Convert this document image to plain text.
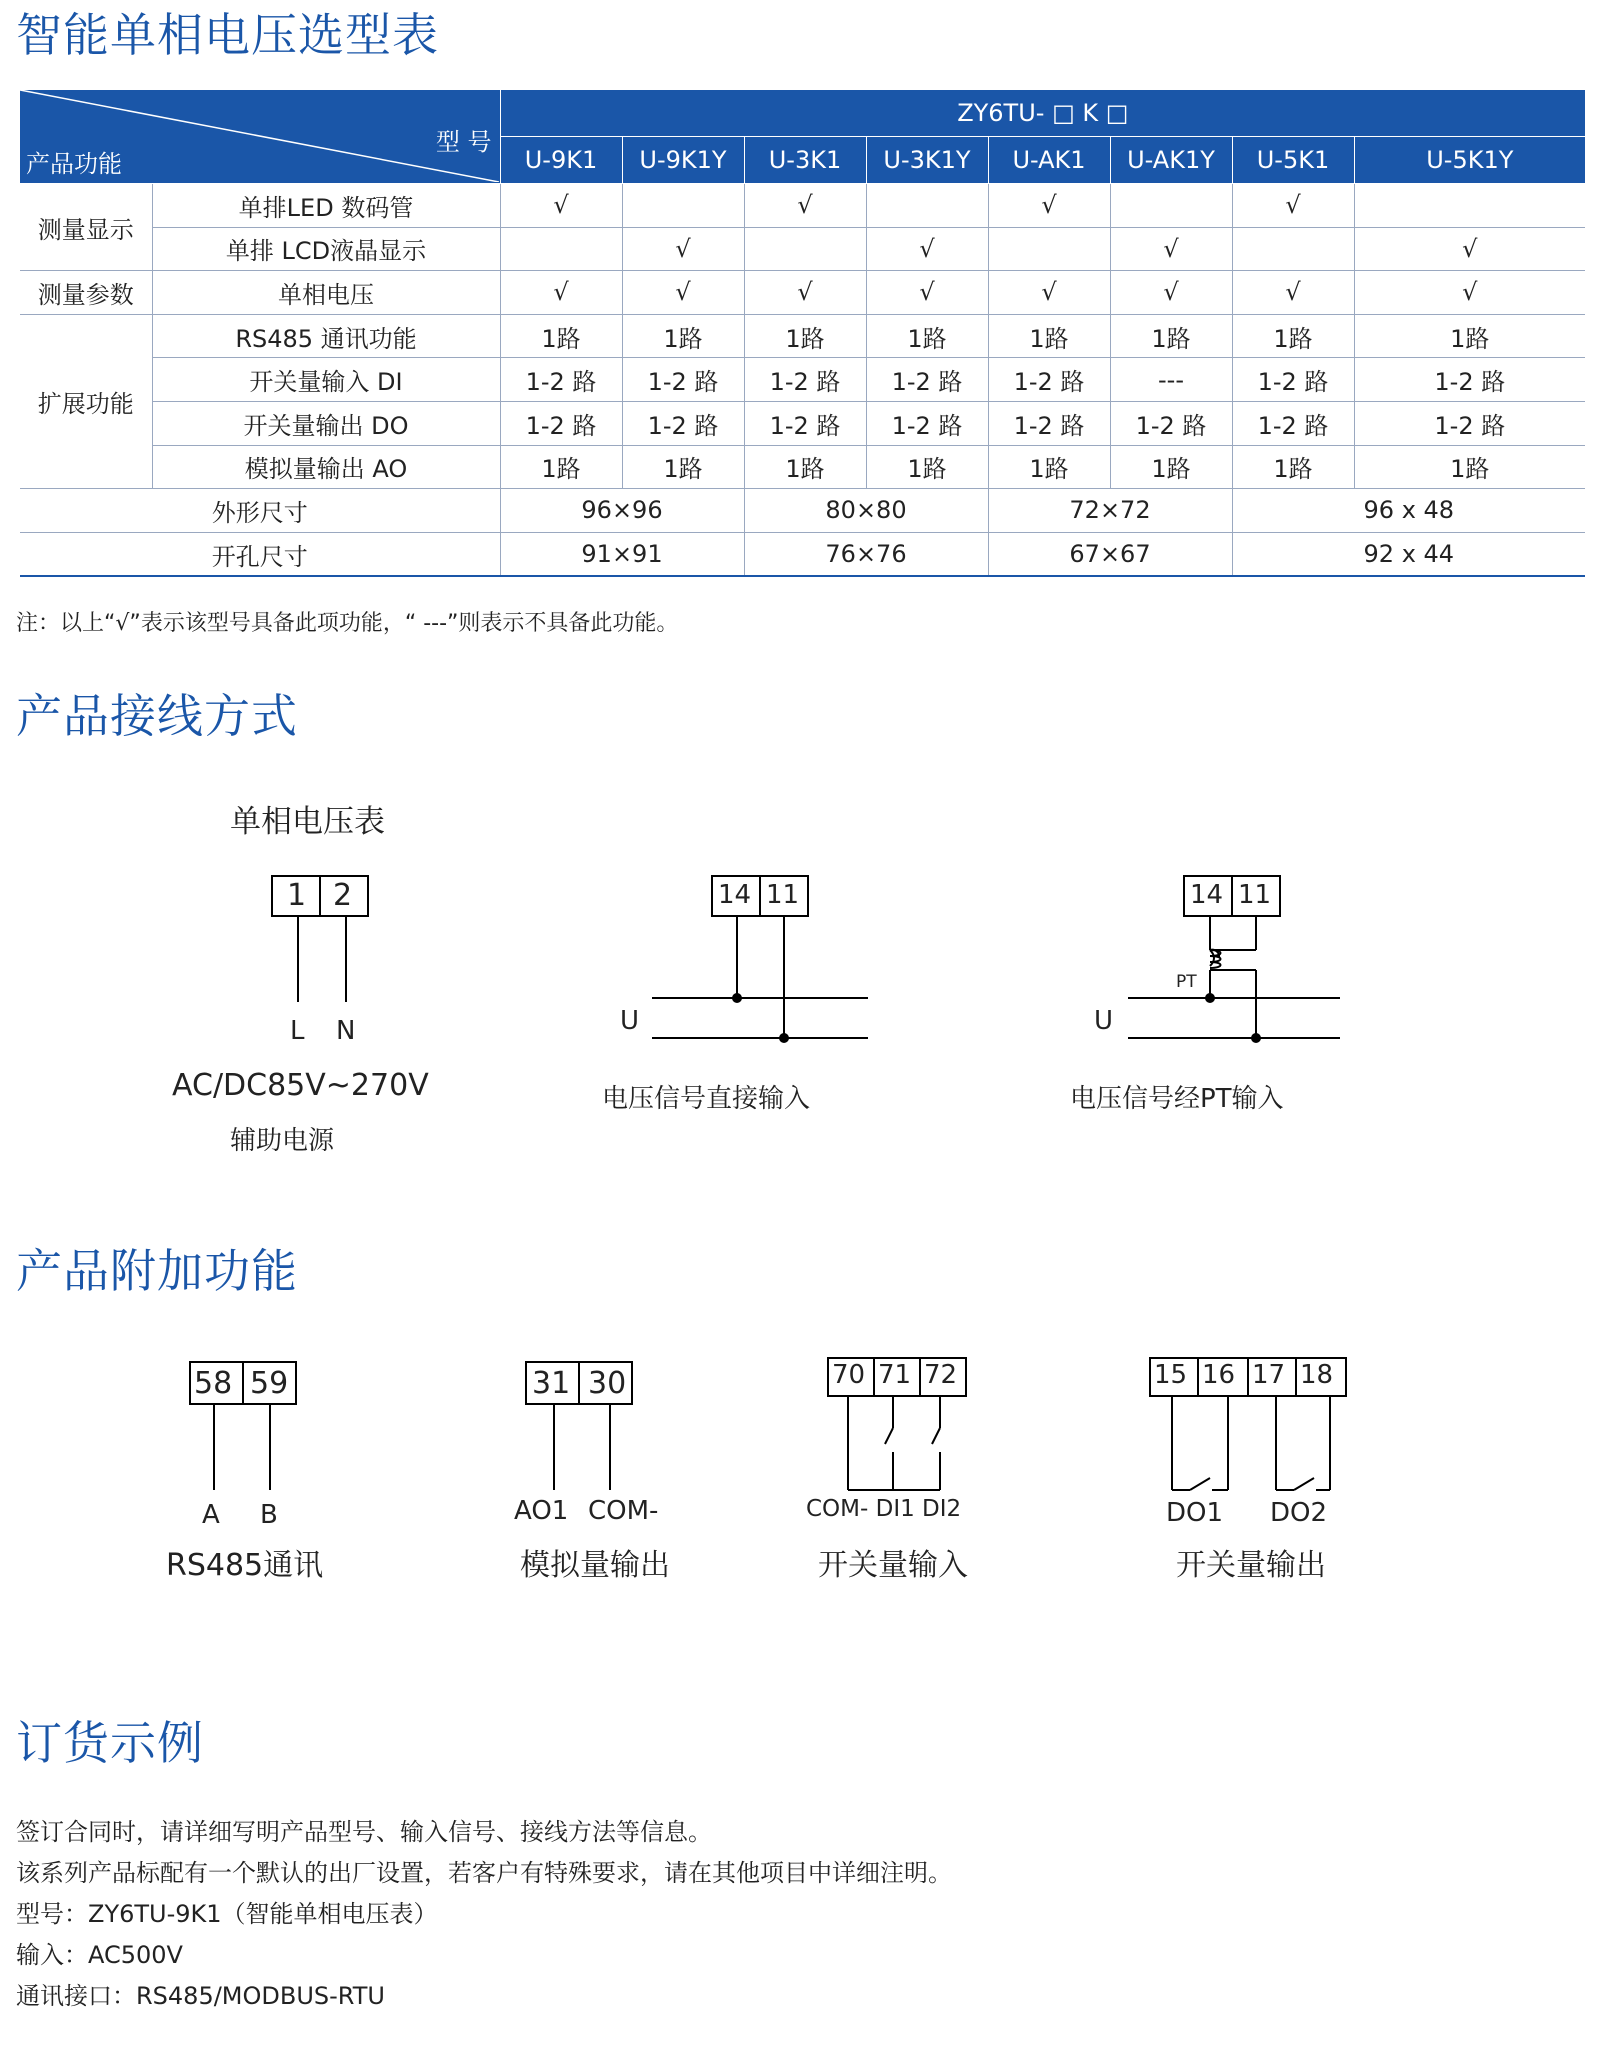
智能单相电压选型表
型 号
产品功能		ZY6TU- □ K □							
		U-9K1	U-9K1Y	U-3K1	U-3K1Y	U-AK1	U-AK1Y	U-5K1	U-5K1Y
测量显示	单排LED 数码管	√		√		√		√	
	单排 LCD液晶显示		√		√		√		√
测量参数	单相电压	√	√	√	√	√	√	√	√
扩展功能	RS485 通讯功能	1路	1路	1路	1路	1路	1路	1路	1路
	开关量输入 DI	1-2 路	1-2 路	1-2 路	1-2 路	1-2 路	---	1-2 路	1-2 路
	开关量输出 DO	1-2 路	1-2 路	1-2 路	1-2 路	1-2 路	1-2 路	1-2 路	1-2 路
	模拟量输出 AO	1路	1路	1路	1路	1路	1路	1路	1路
外形尺寸		96×96		80×80		72×72		96 x 48	
开孔尺寸		91×91		76×76		67×67		92 x 44	

注：以上“√”表示该型号具备此项功能，“ ---”则表示不具备此功能。

产品接线方式
单相电压表
1 2
L N
AC/DC85V~270V
辅助电源
14 11
U
电压信号直接输入
14 11
PT
U
电压信号经PT输入
产品附加功能
58 59
A B
RS485通讯
31 30
AO1 COM-
模拟量输出
70 71 72
COM- DI1 DI2
开关量输入
15 16 17 18
DO1 DO2
开关量输出
订货示例

签订合同时，请详细写明产品型号、输入信号、接线方法等信息。

该系列产品标配有一个默认的出厂设置，若客户有特殊要求，请在其他项目中详细注明。

型号：ZY6TU-9K1（智能单相电压表）

输入：AC500V

通讯接口：RS485/MODBUS-RTU
